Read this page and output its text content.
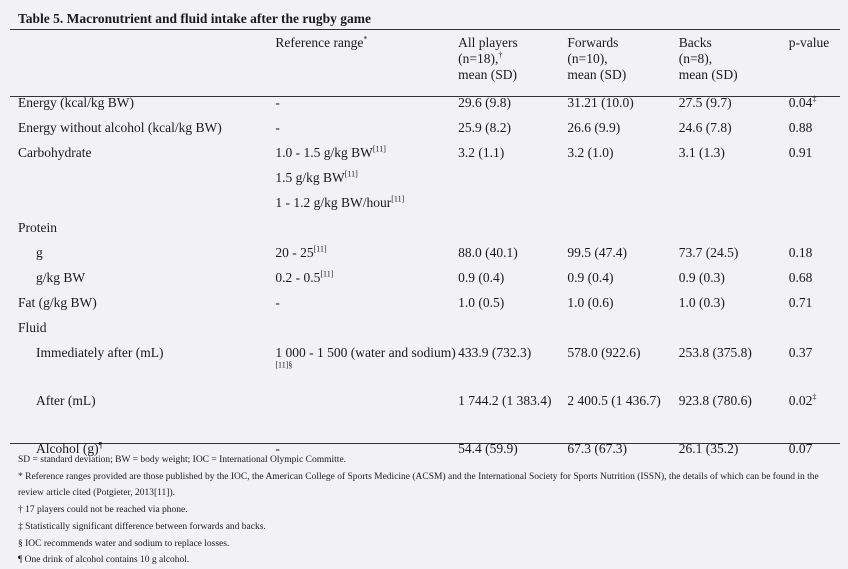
Table 5. Macronutrient and fluid intake after the rugby game
	Reference range*	All players
(n=18),†
mean (SD)	Forwards
(n=10),
mean (SD)	Backs
(n=8),
mean (SD)	p-value
Energy (kcal/kg BW)	-	29.6 (9.8)	31.21 (10.0)	27.5 (9.7)	0.04‡
Energy without alcohol (kcal/kg BW)	-	25.9 (8.2)	26.6 (9.9)	24.6 (7.8)	0.88
Carbohydrate	1.0 - 1.5 g/kg BW[11]	3.2 (1.1)	3.2 (1.0)	3.1 (1.3)	0.91
	1.5 g/kg BW[11]				
	1 - 1.2 g/kg BW/hour[11]				
Protein					
g	20 - 25[11]	88.0 (40.1)	99.5 (47.4)	73.7 (24.5)	0.18
g/kg BW	0.2 - 0.5[11]	0.9 (0.4)	0.9 (0.4)	0.9 (0.3)	0.68
Fat (g/kg BW)	-	1.0 (0.5)	1.0 (0.6)	1.0 (0.3)	0.71
Fluid					
Immediately after (mL)	1 000 - 1 500 (water and sodium)$^{[11]\S}$	433.9 (732.3)	578.0 (922.6)	253.8 (375.8)	0.37
After (mL)		1 744.2 (1 383.4)	2 400.5 (1 436.7)	923.8 (780.6)	0.02‡
Alcohol (g)¶	-	54.4 (59.9)	67.3 (67.3)	26.1 (35.2)	0.07
SD = standard deviation; BW = body weight; IOC = International Olympic Committe.
* Reference ranges provided are those published by the IOC, the American College of Sports Medicine (ACSM) and the International Society for Sports Nutrition (ISSN), the details of which can be found in the review article cited (Potgieter, 2013[11]).
† 17 players could not be reached via phone.
‡ Statistically significant difference between forwards and backs.
§ IOC recommends water and sodium to replace losses.
¶ One drink of alcohol contains 10 g alcohol.
